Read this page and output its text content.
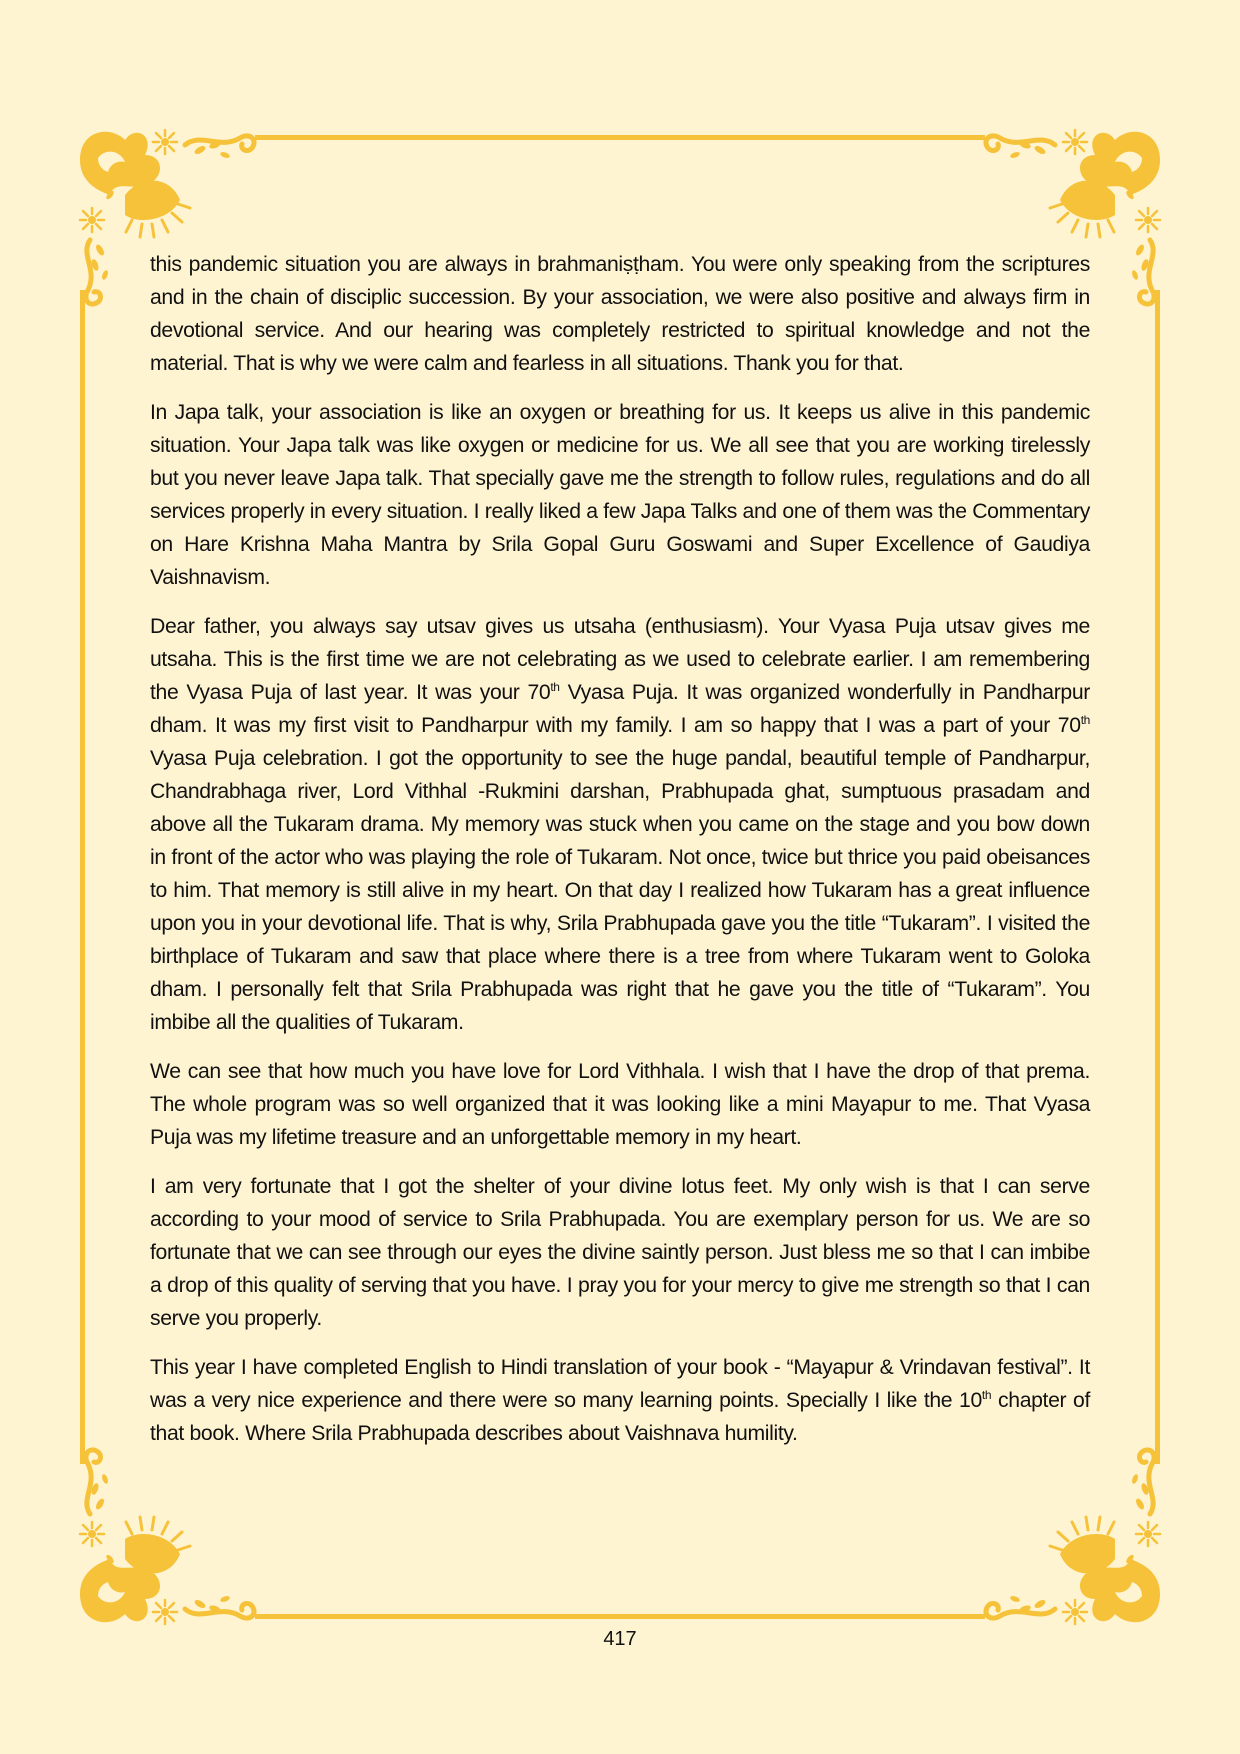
this pandemic situation you are always in brahmaniṣṭham. You were only speaking from the scriptures and in the chain of disciplic succession. By your association, we were also positive and always firm in devotional service. And our hearing was completely restricted to spiritual knowledge and not the material. That is why we were calm and fearless in all situations. Thank you for that.

In Japa talk, your association is like an oxygen or breathing for us. It keeps us alive in this pandemic situation. Your Japa talk was like oxygen or medicine for us. We all see that you are working tirelessly but you never leave Japa talk. That specially gave me the strength to follow rules, regulations and do all services properly in every situation. I really liked a few Japa Talks and one of them was the Commentary on Hare Krishna Maha Mantra by Srila Gopal Guru Goswami and Super Excellence of Gaudiya Vaishnavism.

Dear father, you always say utsav gives us utsaha (enthusiasm). Your Vyasa Puja utsav gives me utsaha. This is the first time we are not celebrating as we used to celebrate earlier. I am remembering the Vyasa Puja of last year. It was your 70th Vyasa Puja. It was organized wonderfully in Pandharpur dham. It was my first visit to Pandharpur with my family. I am so happy that I was a part of your 70th Vyasa Puja celebration. I got the opportunity to see the huge pandal, beautiful temple of Pandharpur, Chandrabhaga river, Lord Vithhal -Rukmini darshan, Prabhupada ghat, sumptuous prasadam and above all the Tukaram drama. My memory was stuck when you came on the stage and you bow down in front of the actor who was playing the role of Tukaram. Not once, twice but thrice you paid obeisances to him. That memory is still alive in my heart. On that day I realized how Tukaram has a great influence upon you in your devotional life. That is why, Srila Prabhupada gave you the title “Tukaram”. I visited the birthplace of Tukaram and saw that place where there is a tree from where Tukaram went to Goloka dham. I personally felt that Srila Prabhupada was right that he gave you the title of “Tukaram”. You imbibe all the qualities of Tukaram.

We can see that how much you have love for Lord Vithhala. I wish that I have the drop of that prema. The whole program was so well organized that it was looking like a mini Mayapur to me. That Vyasa Puja was my lifetime treasure and an unforgettable memory in my heart.

I am very fortunate that I got the shelter of your divine lotus feet. My only wish is that I can serve according to your mood of service to Srila Prabhupada. You are exemplary person for us. We are so fortunate that we can see through our eyes the divine saintly person. Just bless me so that I can imbibe a drop of this quality of serving that you have. I pray you for your mercy to give me strength so that I can serve you properly.

This year I have completed English to Hindi translation of your book - “Mayapur & Vrindavan festival”. It was a very nice experience and there were so many learning points. Specially I like the 10th chapter of that book. Where Srila Prabhupada describes about Vaishnava humility.

417
